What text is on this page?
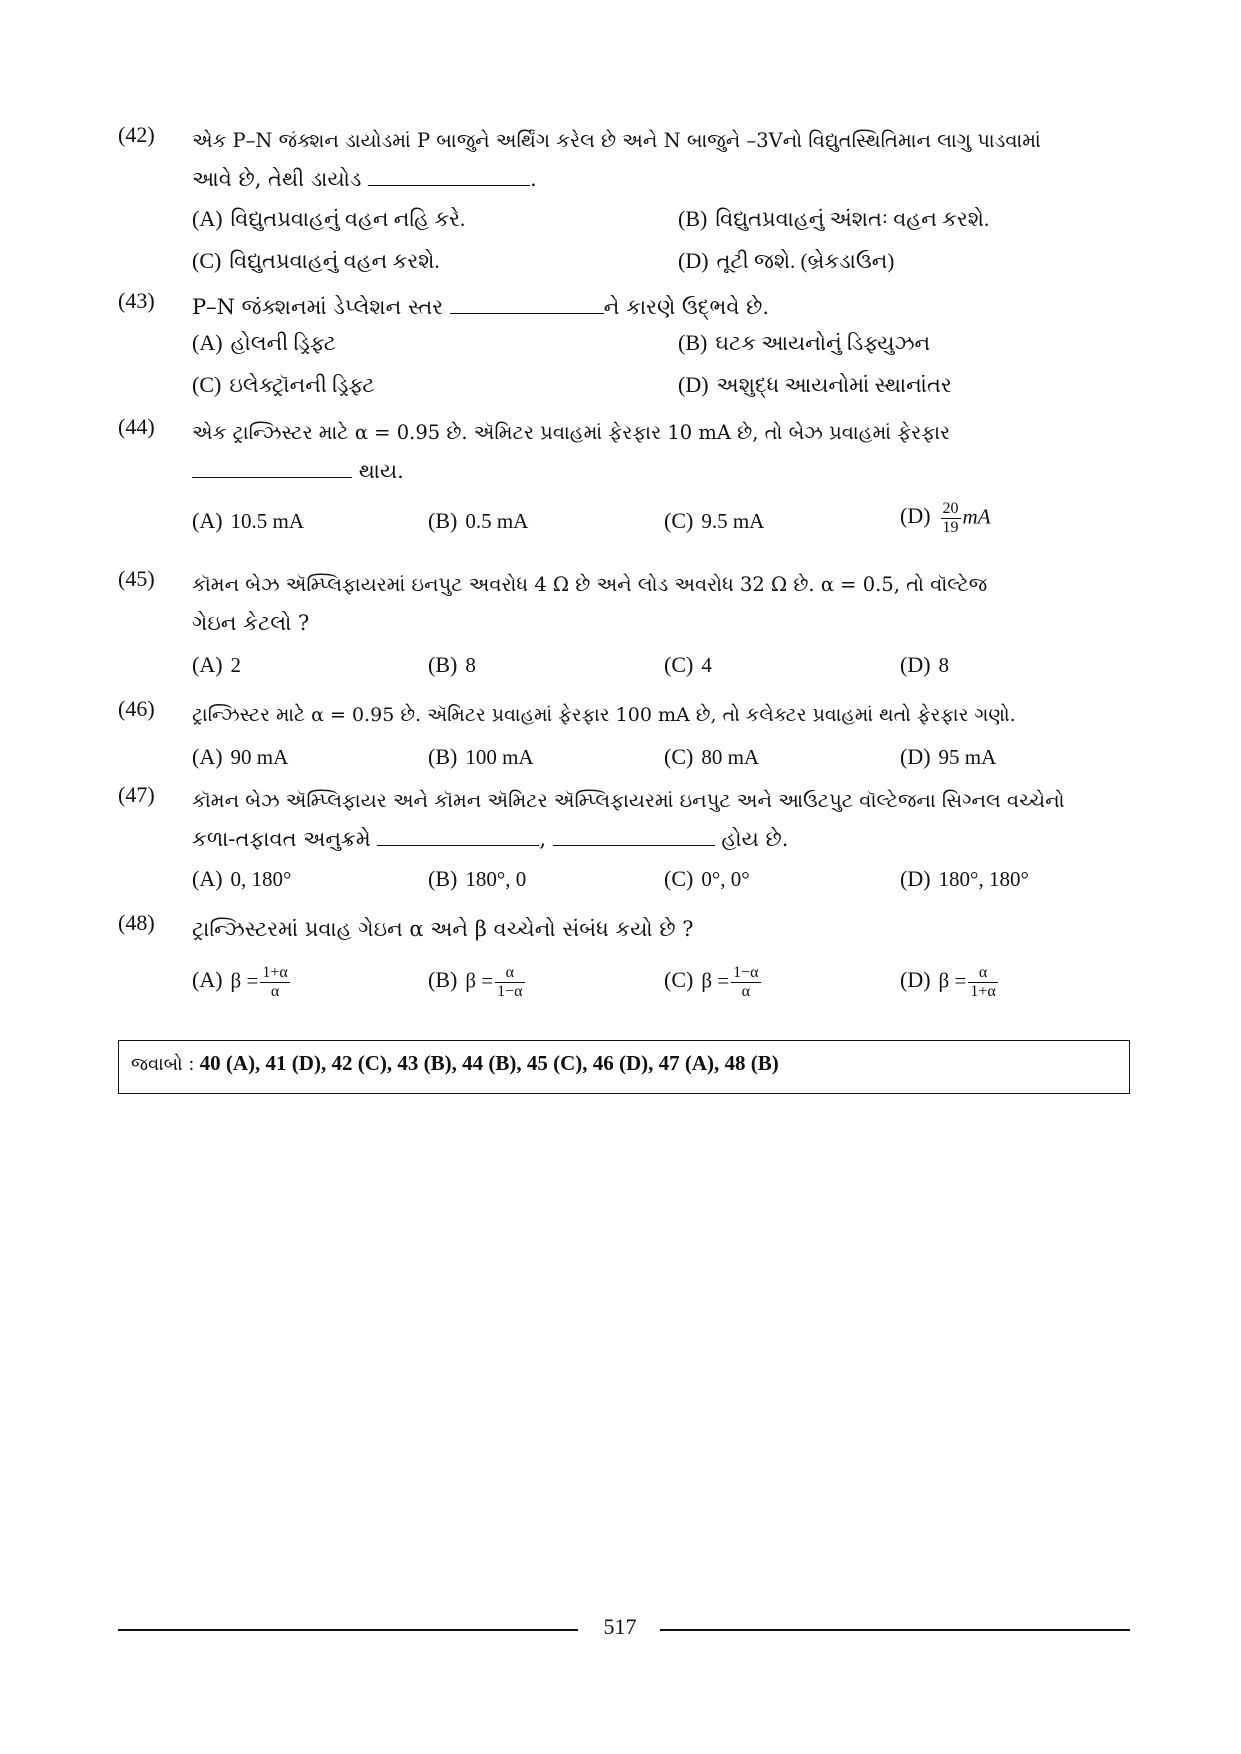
(42) એક P–N જંક્શન ડાયોડમાં P બાજુને અર્થિંગ કરેલ છે અને N બાજુને –3Vનો વિદ્યુતસ્થિતિમાન લાગુ પાડવામાં
આવે છે, તેથી ડાયોડ	.
(A) વિદ્યુતપ્રવાહનું વહન નહિ કરે.	(B) વિદ્યુતપ્રવાહનું અંશતઃ વહન કરશે.
(C) વિદ્યુતપ્રવાહનું વહન કરશે.	(D) તૂટી જશે. (બ્રેકડાઉન)
(43) P–N જંક્શનમાં ડેપ્લેશન સ્તર	ને કારણે ઉદ્‌ભવે છે.
(A) હોલની ડ્રિફ્ટ	(B) ઘટક આયનોનું ડિફ્યુઝન
(C) ઇલેક્ટ્રૉનની ડ્રિફ્ટ	(D) અશુદ્ધ આયનોમાં સ્થાનાંતર
(44) એક ટ્રાન્ઝિસ્ટર માટે α = 0.95 છે. ઍમિટર પ્રવાહમાં ફેરફાર 10 mA છે, તો બેઝ પ્રવાહમાં ફેરફાર
થાય.
(A) 10.5 mA	(B) 0.5 mA	(C) 9.5 mA	$(D) \frac{20}{19}$ mA
(45) કૉમન બેઝ ઍમ્પ્લિફાયરમાં ઇનપુટ અવરોધ 4 Ω છે અને લોડ અવરોધ 32 Ω છે. α = 0.5, તો વૉલ્ટેજ
ગેઇન કેટલો ?
(A) 2	(B) 8	(C) 4	(D) 8
(46) ટ્રાન્ઝિસ્ટર માટે α = 0.95 છે. ઍમિટર પ્રવાહમાં ફેરફાર 100 mA છે, તો કલેક્ટર પ્રવાહમાં થતો ફેરફાર ગણો.
(A) 90 mA	(B) 100 mA	(C) 80 mA	(D) 95 mA
(47) કૉમન બેઝ ઍમ્પ્લિફાયર અને કૉમન ઍમિટર ઍમ્પ્લિફાયરમાં ઇનપુટ અને આઉટપુટ વૉલ્ટેજના સિગ્નલ વચ્ચેનો
કળા-તફાવત અનુક્રમે	,	હોય છે.
(A) 0, 180°	(B) 180°, 0	(C) 0°, 0°	(D) 180°, 180°
(48) ટ્રાન્ઝિસ્ટરમાં પ્રવાહ ગેઇન α અને β વચ્ચેનો સંબંધ કયો છે ?
(A) $\beta = \frac{1+\alpha}{\alpha}$	(B) $\beta = \frac{\alpha}{1-\alpha}$	(C) $\beta = \frac{1-\alpha}{\alpha}$	(D) $\beta = \frac{\alpha}{1+\alpha}$
જવાબો : 40 (A), 41 (D), 42 (C), 43 (B), 44 (B), 45 (C), 46 (D), 47 (A), 48 (B)
517
